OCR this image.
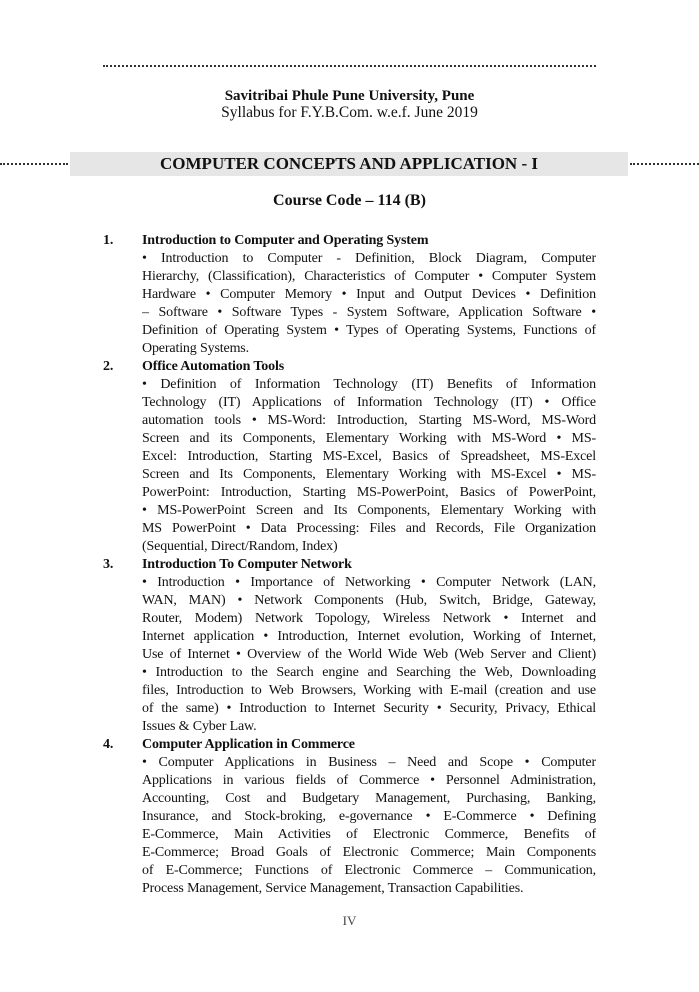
Savitribai Phule Pune University, Pune
Syllabus for F.Y.B.Com. w.e.f. June 2019
COMPUTER CONCEPTS AND APPLICATION - I
Course Code – 114 (B)
1. Introduction to Computer and Operating System
• Introduction to Computer - Definition, Block Diagram, Computer
Hierarchy, (Classification), Characteristics of Computer • Computer System
Hardware • Computer Memory • Input and Output Devices • Definition
– Software • Software Types - System Software, Application Software •
Definition of Operating System • Types of Operating Systems, Functions of
Operating Systems.
2. Office Automation Tools
• Definition of Information Technology (IT) Benefits of Information
Technology (IT) Applications of Information Technology (IT) • Office
automation tools • MS-Word: Introduction, Starting MS-Word, MS-Word
Screen and its Components, Elementary Working with MS-Word • MS-
Excel: Introduction, Starting MS-Excel, Basics of Spreadsheet, MS-Excel
Screen and Its Components, Elementary Working with MS-Excel • MS-
PowerPoint: Introduction, Starting MS-PowerPoint, Basics of PowerPoint,
• MS-PowerPoint Screen and Its Components, Elementary Working with
MS PowerPoint • Data Processing: Files and Records, File Organization
(Sequential, Direct/Random, Index)
3. Introduction To Computer Network
• Introduction • Importance of Networking • Computer Network (LAN,
WAN, MAN) • Network Components (Hub, Switch, Bridge, Gateway,
Router, Modem) Network Topology, Wireless Network • Internet and
Internet application • Introduction, Internet evolution, Working of Internet,
Use of Internet • Overview of the World Wide Web (Web Server and Client)
• Introduction to the Search engine and Searching the Web, Downloading
files, Introduction to Web Browsers, Working with E-mail (creation and use
of the same) • Introduction to Internet Security • Security, Privacy, Ethical
Issues & Cyber Law.
4. Computer Application in Commerce
• Computer Applications in Business – Need and Scope • Computer
Applications in various fields of Commerce • Personnel Administration,
Accounting, Cost and Budgetary Management, Purchasing, Banking,
Insurance, and Stock-broking, e-governance • E-Commerce • Defining
E-Commerce, Main Activities of Electronic Commerce, Benefits of
E-Commerce; Broad Goals of Electronic Commerce; Main Components
of E-Commerce; Functions of Electronic Commerce – Communication,
Process Management, Service Management, Transaction Capabilities.
IV
